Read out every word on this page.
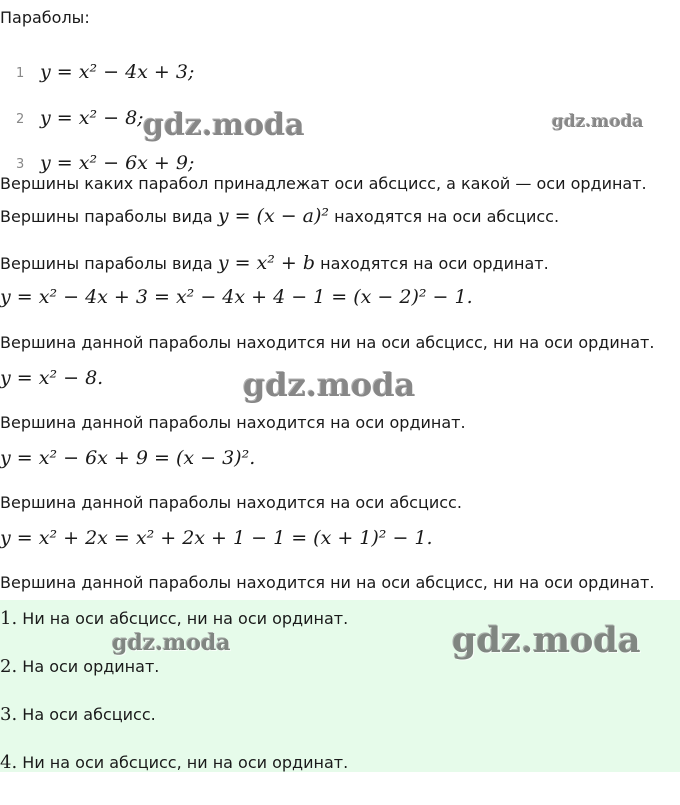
Параболы:
1 y = x² − 4x + 3;
2 y = x² − 8;
3 y = x² − 6x + 9;
Вершины каких парабол принадлежат оси абсцисс, а какой — оси ординат.
Вершины параболы вида y = (x − a)² находятся на оси абсцисс.
Вершины параболы вида y = x² + b находятся на оси ординат.
y = x² − 4x + 3 = x² − 4x + 4 − 1 = (x − 2)² − 1.
Вершина данной параболы находится ни на оси абсцисс, ни на оси ординат.
y = x² − 8.
Вершина данной параболы находится на оси ординат.
y = x² − 6x + 9 = (x − 3)².
Вершина данной параболы находится на оси абсцисс.
y = x² + 2x = x² + 2x + 1 − 1 = (x + 1)² − 1.
Вершина данной параболы находится ни на оси абсцисс, ни на оси ординат.
1. Ни на оси абсцисс, ни на оси ординат.
2. На оси ординат.
3. На оси абсцисс.
4. Ни на оси абсцисс, ни на оси ординат.
gdz.moda	gdz.moda
gdz.moda
gdz.moda	gdz.moda
